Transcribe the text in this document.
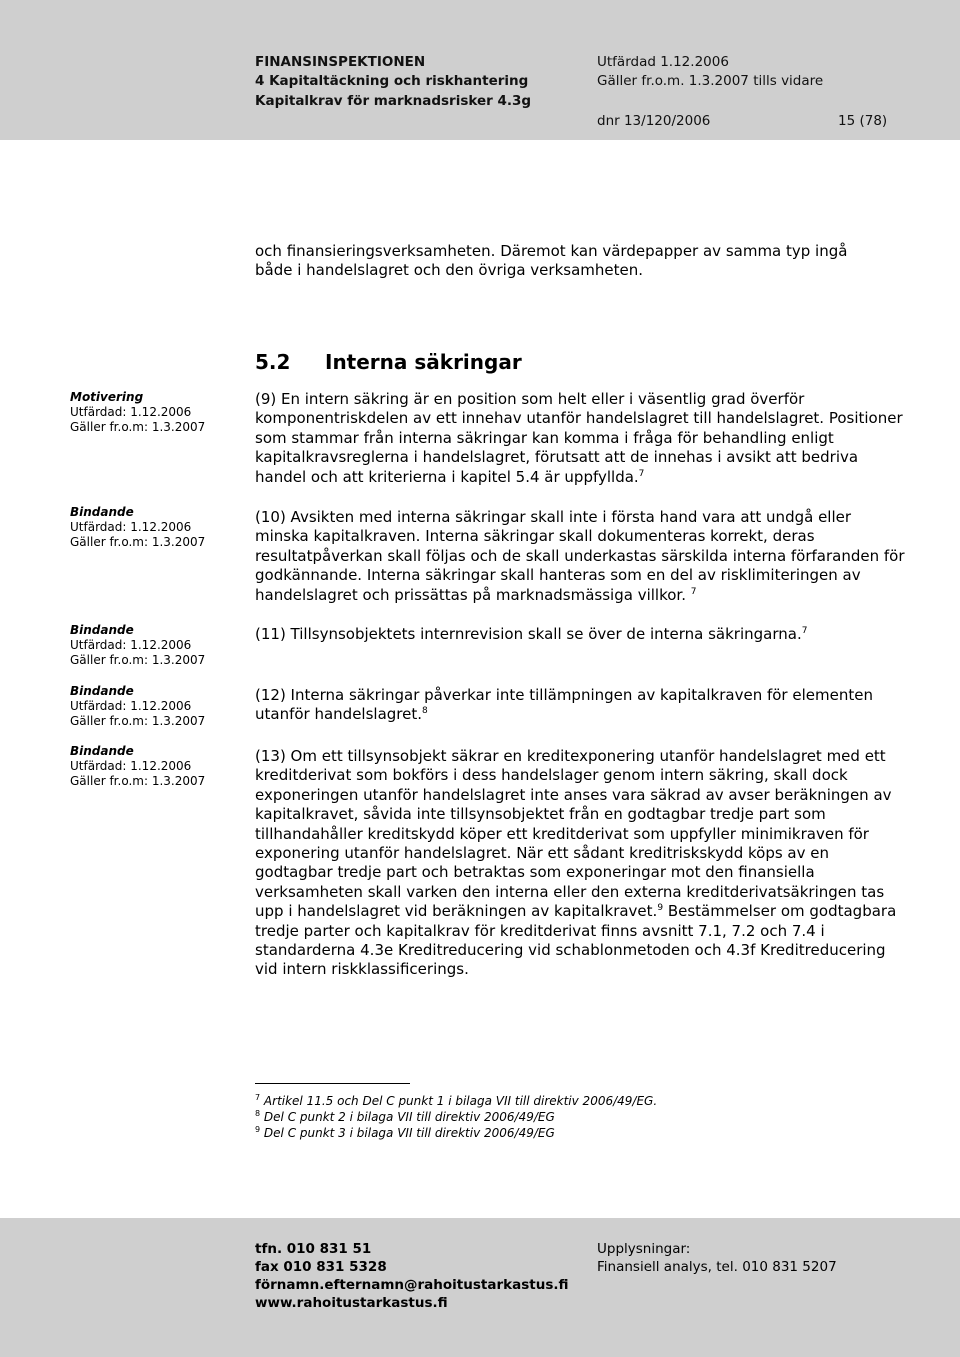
FINANSINSPEKTIONEN
4 Kapitaltäckning och riskhantering
Kapitalkrav för marknadsrisker 4.3g
Utfärdad 1.12.2006
Gäller fr.o.m. 1.3.2007 tills vidare
dnr 13/120/2006	15 (78)

och finansieringsverksamheten. Däremot kan värdepapper av samma typ ingå

både i handelslagret och den övriga verksamheten.

5.2 Interna säkringar
Motivering
Utfärdad: 1.12.2006
Gäller fr.o.m: 1.3.2007
Bindande
Utfärdad: 1.12.2006
Gäller fr.o.m: 1.3.2007
Bindande
Utfärdad: 1.12.2006
Gäller fr.o.m: 1.3.2007
Bindande
Utfärdad: 1.12.2006
Gäller fr.o.m: 1.3.2007
Bindande
Utfärdad: 1.12.2006
Gäller fr.o.m: 1.3.2007

(9) En intern säkring är en position som helt eller i väsentlig grad överför komponentriskdelen av ett innehav utanför handelslagret till handelslagret. Positioner som stammar från interna säkringar kan komma i fråga för behandling enligt kapitalkravsreglerna i handelslagret, förutsatt att de innehas i avsikt att bedriva handel och att kriterierna i kapitel 5.4 är uppfyllda.$^7$

(10) Avsikten med interna säkringar skall inte i första hand vara att undgå eller minska kapitalkraven. Interna säkringar skall dokumenteras korrekt, deras resultatpåverkan skall följas och de skall underkastas särskilda interna förfaranden för godkännande. Interna säkringar skall hanteras som en del av risklimiteringen av handelslagret och prissättas på marknadsmässiga villkor. $^7$

(11) Tillsynsobjektets internrevision skall se över de interna säkringarna.$^7$

(12) Interna säkringar påverkar inte tillämpningen av kapitalkraven för elementen utanför handelslagret.$^8$

(13) Om ett tillsynsobjekt säkrar en kreditexponering utanför handelslagret med ett kreditderivat som bokförs i dess handelslager genom intern säkring, skall dock exponeringen utanför handelslagret inte anses vara säkrad av avser beräkningen av kapitalkravet, såvida inte tillsynsobjektet från en godtagbar tredje part som tillhandahåller kreditskydd köper ett kreditderivat som uppfyller minimikraven för exponering utanför handelslagret. När ett sådant kreditriskskydd köps av en godtagbar tredje part och betraktas som exponeringar mot den finansiella verksamheten skall varken den interna eller den externa kreditderivatsäkringen tas upp i handelslagret vid beräkningen av kapitalkravet.$^9$ Bestämmelser om godtagbara tredje parter och kapitalkrav för kreditderivat finns avsnitt 7.1, 7.2 och 7.4 i standarderna 4.3e Kreditreducering vid schablonmetoden och 4.3f Kreditreducering vid intern riskklassificerings.

$^7$ Artikel 11.5 och Del C punkt 1 i bilaga VII till direktiv 2006/49/EG.
$^8$ Del C punkt 2 i bilaga VII till direktiv 2006/49/EG
$^9$ Del C punkt 3 i bilaga VII till direktiv 2006/49/EG
tfn. 010 831 51
fax 010 831 5328
förnamn.efternamn@rahoitustarkastus.fi
www.rahoitustarkastus.fi
Upplysningar:
Finansiell analys, tel. 010 831 5207
